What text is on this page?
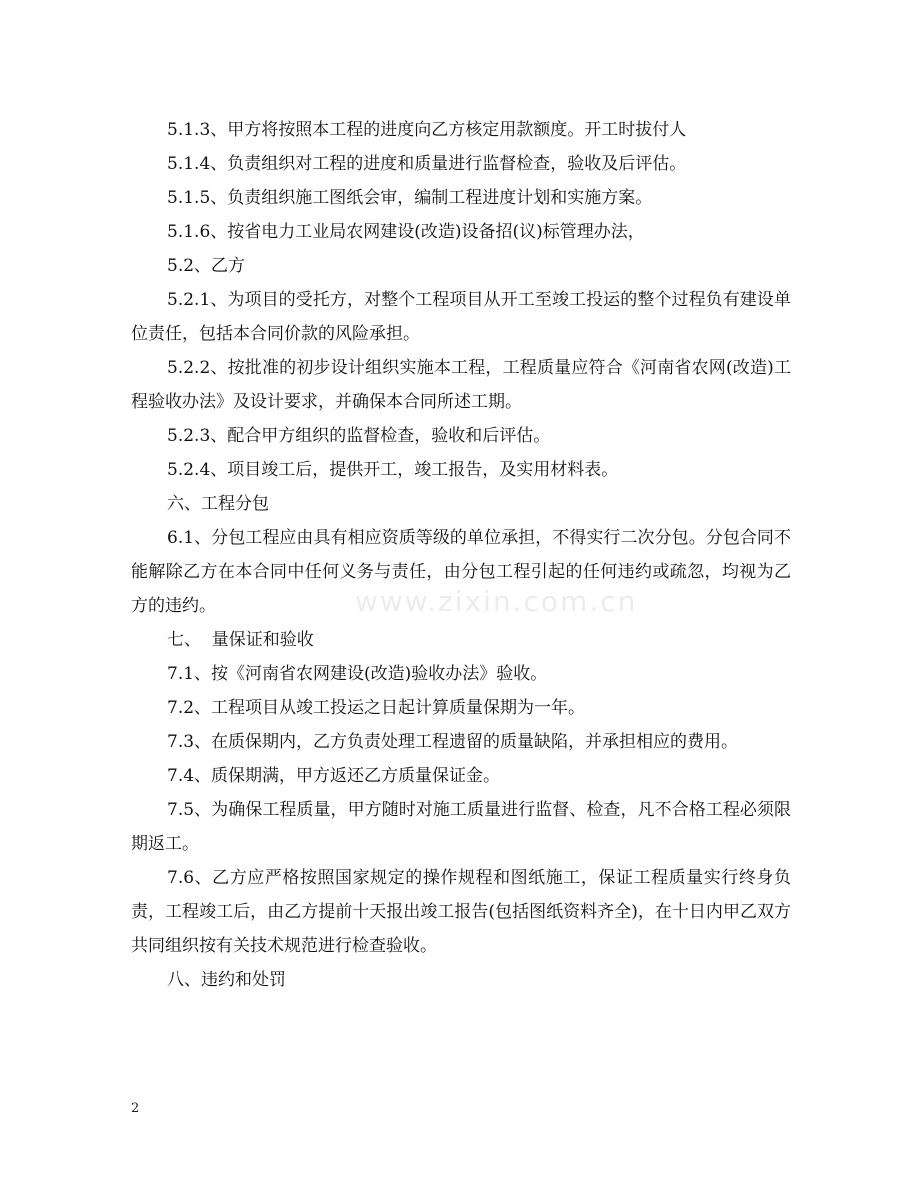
www.zixin.com.cn

5.1.3、甲方将按照本工程的进度向乙方核定用款额度。开工时拔付人

5.1.4、负责组织对工程的进度和质量进行监督检查，验收及后评估。

5.1.5、负责组织施工图纸会审，编制工程进度计划和实施方案。

5.1.6、按省电力工业局农网建设(改造)设备招(议)标管理办法，

5.2、乙方

5.2.1、为项目的受托方，对整个工程项目从开工至竣工投运的整个过程负有建设单位责任，包括本合同价款的风险承担。

5.2.2、按批准的初步设计组织实施本工程，工程质量应符合《河南省农网(改造)工程验收办法》及设计要求，并确保本合同所述工期。

5.2.3、配合甲方组织的监督检查，验收和后评估。

5.2.4、项目竣工后，提供开工，竣工报告，及实用材料表。

六、工程分包

6.1、分包工程应由具有相应资质等级的单位承担，不得实行二次分包。分包合同不能解除乙方在本合同中任何义务与责任，由分包工程引起的任何违约或疏忽，均视为乙方的违约。

七、  量保证和验收

7.1、按《河南省农网建设(改造)验收办法》验收。

7.2、工程项目从竣工投运之日起计算质量保期为一年。

7.3、在质保期内，乙方负责处理工程遗留的质量缺陷，并承担相应的费用。

7.4、质保期满，甲方返还乙方质量保证金。

7.5、为确保工程质量，甲方随时对施工质量进行监督、检查，凡不合格工程必须限期返工。

7.6、乙方应严格按照国家规定的操作规程和图纸施工，保证工程质量实行终身负责，工程竣工后，由乙方提前十天报出竣工报告(包括图纸资料齐全)，在十日内甲乙双方共同组织按有关技术规范进行检查验收。

八、违约和处罚

2
